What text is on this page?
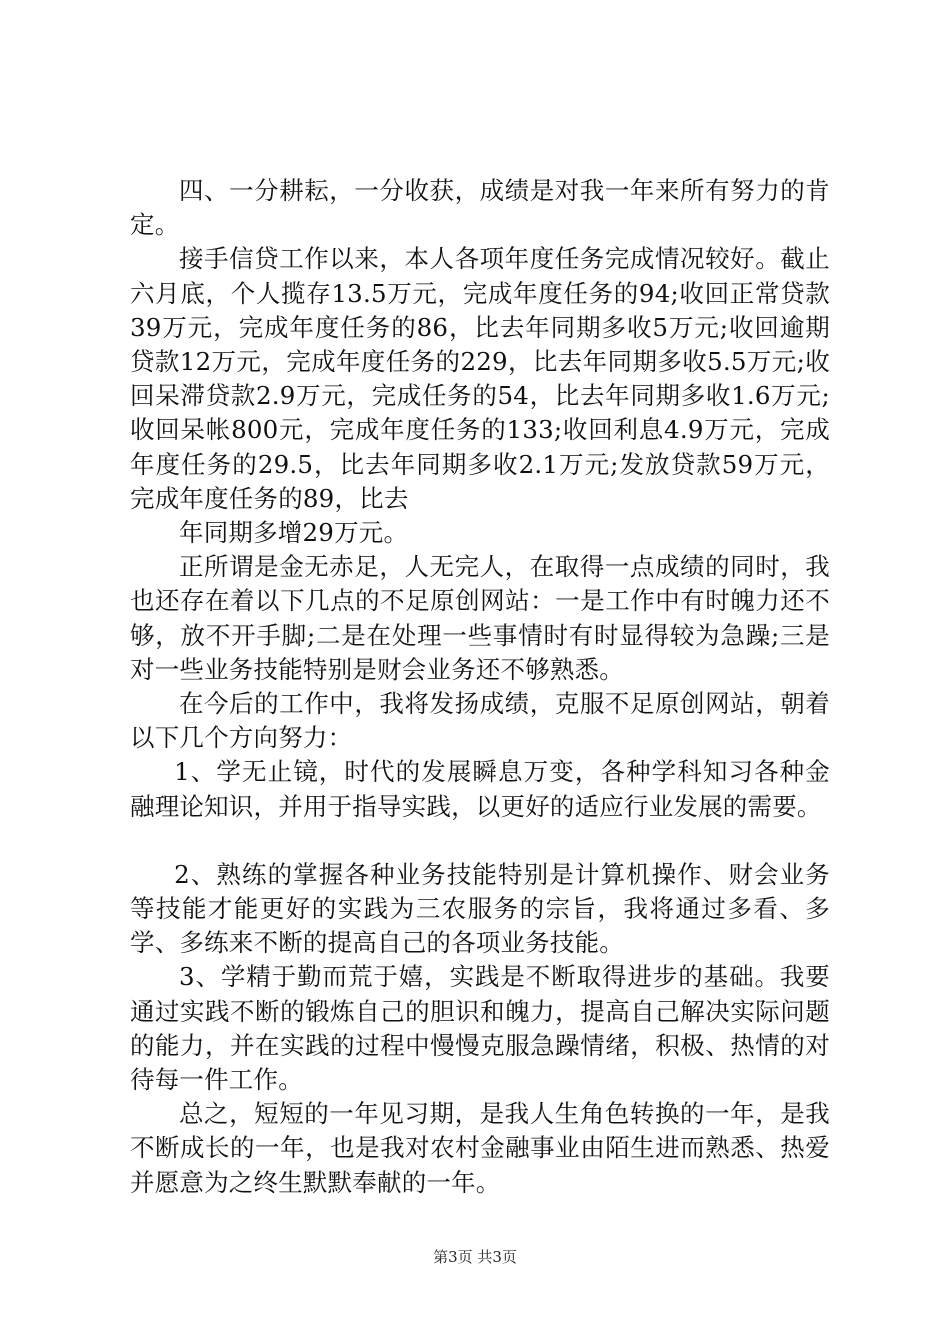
四、一分耕耘，一分收获，成绩是对我一年来所有努力的肯定。

接手信贷工作以来，本人各项年度任务完成情况较好。截止六月底，个人揽存13.5万元，完成年度任务的94;收回正常贷款39万元，完成年度任务的86，比去年同期多收5万元;收回逾期贷款12万元，完成年度任务的229，比去年同期多收5.5万元;收回呆滞贷款2.9万元，完成任务的54，比去年同期多收1.6万元;收回呆帐800元，完成年度任务的133;收回利息4.9万元，完成年度任务的29.5，比去年同期多收2.1万元;发放贷款59万元，完成年度任务的89，比去

年同期多增29万元。

正所谓是金无赤足，人无完人，在取得一点成绩的同时，我也还存在着以下几点的不足原创网站：一是工作中有时魄力还不够，放不开手脚;二是在处理一些事情时有时显得较为急躁;三是对一些业务技能特别是财会业务还不够熟悉。

在今后的工作中，我将发扬成绩，克服不足原创网站，朝着以下几个方向努力：

1、学无止镜，时代的发展瞬息万变，各种学科知习各种金融理论知识，并用于指导实践，以更好的适应行业发展的需要。

2、熟练的掌握各种业务技能特别是计算机操作、财会业务等技能才能更好的实践为三农服务的宗旨，我将通过多看、多学、多练来不断的提高自己的各项业务技能。

3、学精于勤而荒于嬉，实践是不断取得进步的基础。我要通过实践不断的锻炼自己的胆识和魄力，提高自己解决实际问题的能力，并在实践的过程中慢慢克服急躁情绪，积极、热情的对待每一件工作。

总之，短短的一年见习期，是我人生角色转换的一年，是我不断成长的一年，也是我对农村金融事业由陌生进而熟悉、热爱并愿意为之终生默默奉献的一年。

第3页 共3页
